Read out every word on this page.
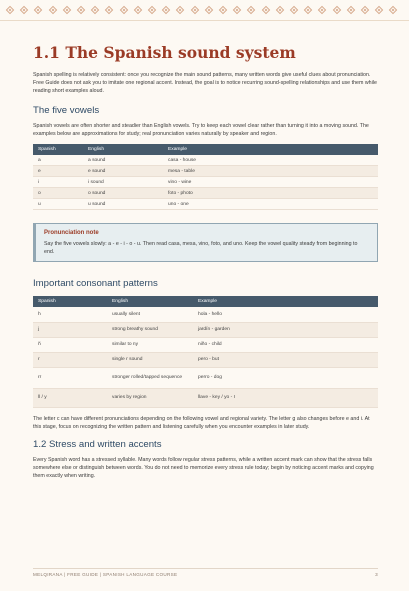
1.1 The Spanish sound system

Spanish spelling is relatively consistent: once you recognize the main sound patterns, many written words give useful clues about pronunciation. Free Guide does not ask you to imitate one regional accent. Instead, the goal is to notice recurring sound-spelling relationships and use them while reading short examples aloud.

The five vowels

Spanish vowels are often shorter and steadier than English vowels. Try to keep each vowel clear rather than turning it into a moving sound. The examples below are approximations for study; real pronunciation varies naturally by speaker and region.

Spanish	English	Example
a	a sound	casa - house
e	e sound	mesa - table
i	i sound	vino - wine
o	o sound	foto - photo
u	u sound	uno - one
Pronunciation note

Say the five vowels slowly: a - e - i - o - u. Then read casa, mesa, vino, foto, and uno. Keep the vowel quality steady from beginning to end.

Important consonant patterns
Spanish	English	Example
h	usually silent	hola - hello
j	strong breathy sound	jardín - garden
ñ	similar to ny	niño - child
r	single r sound	pero - but
rr	stronger rolled/tapped sequence	perro - dog
ll / y	varies by region	llave - key / yo - I

The letter c can have different pronunciations depending on the following vowel and regional variety. The letter g also changes before e and i. At this stage, focus on recognizing the written pattern and listening carefully when you encounter examples in later study.

1.2 Stress and written accents

Every Spanish word has a stressed syllable. Many words follow regular stress patterns, while a written accent mark can show that the stress falls somewhere else or distinguish between words. You do not need to memorize every stress rule today; begin by noticing accent marks and copying them exactly when writing.

MELQIRANA | FREE GUIDE | SPANISH LANGUAGE COURSE	3
